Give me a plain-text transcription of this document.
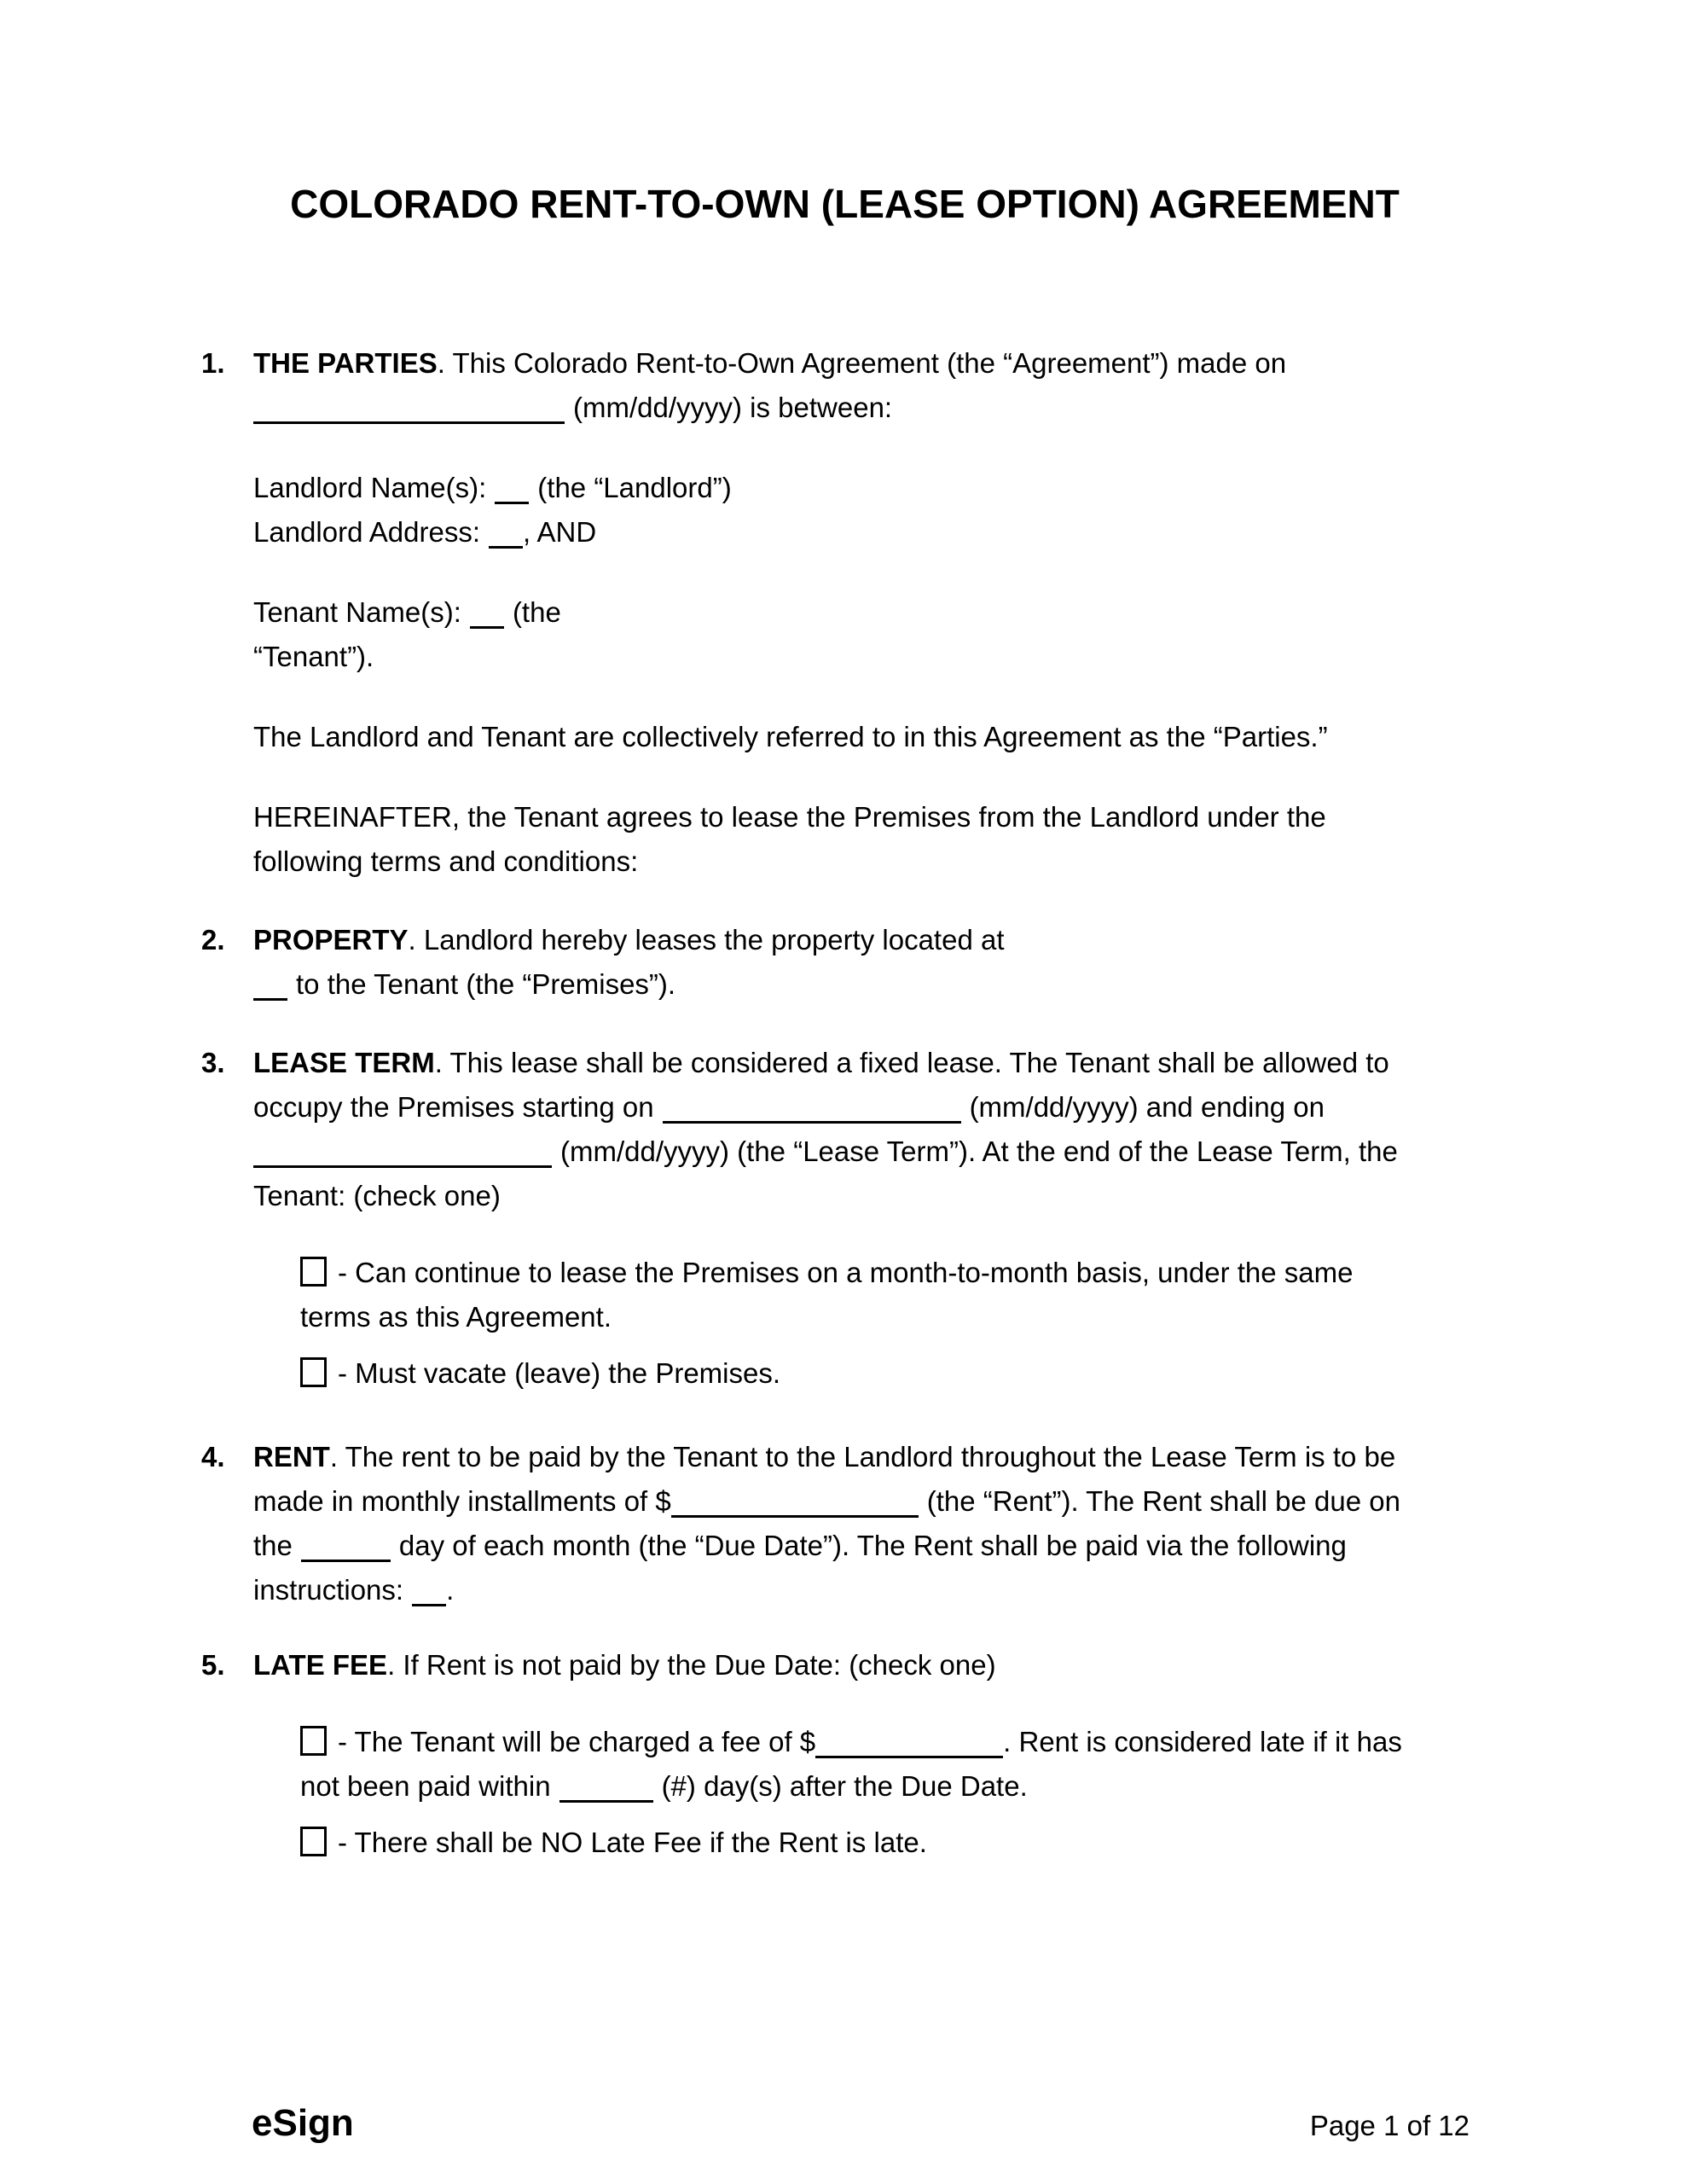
COLORADO RENT-TO-OWN (LEASE OPTION) AGREEMENT
1.	THE PARTIES. This Colorado Rent-to-Own Agreement (the “Agreement”) made on
(mm/dd/yyyy) is between:
Landlord Name(s): (the “Landlord”)
Landlord Address: , AND
Tenant Name(s): (the
“Tenant”).
The Landlord and Tenant are collectively referred to in this Agreement as the “Parties.”
HEREINAFTER, the Tenant agrees to lease the Premises from the Landlord under the
following terms and conditions:
2.	PROPERTY. Landlord hereby leases the property located at
to the Tenant (the “Premises”).
3.	LEASE TERM. This lease shall be considered a fixed lease. The Tenant shall be allowed to
occupy the Premises starting on	(mm/dd/yyyy) and ending on
(mm/dd/yyyy) (the “Lease Term”). At the end of the Lease Term, the
Tenant: (check one)
- Can continue to lease the Premises on a month-to-month basis, under the same
terms as this Agreement.
- Must vacate (leave) the Premises.
4.	RENT. The rent to be paid by the Tenant to the Landlord throughout the Lease Term is to be
made in monthly installments of $	(the “Rent”). The Rent shall be due on
the	day of each month (the “Due Date”). The Rent shall be paid via the following
instructions: .
5.	LATE FEE. If Rent is not paid by the Due Date: (check one)
- The Tenant will be charged a fee of $	. Rent is considered late if it has
not been paid within	(#) day(s) after the Due Date.
- There shall be NO Late Fee if the Rent is late.
eSign	Page 1 of 12
